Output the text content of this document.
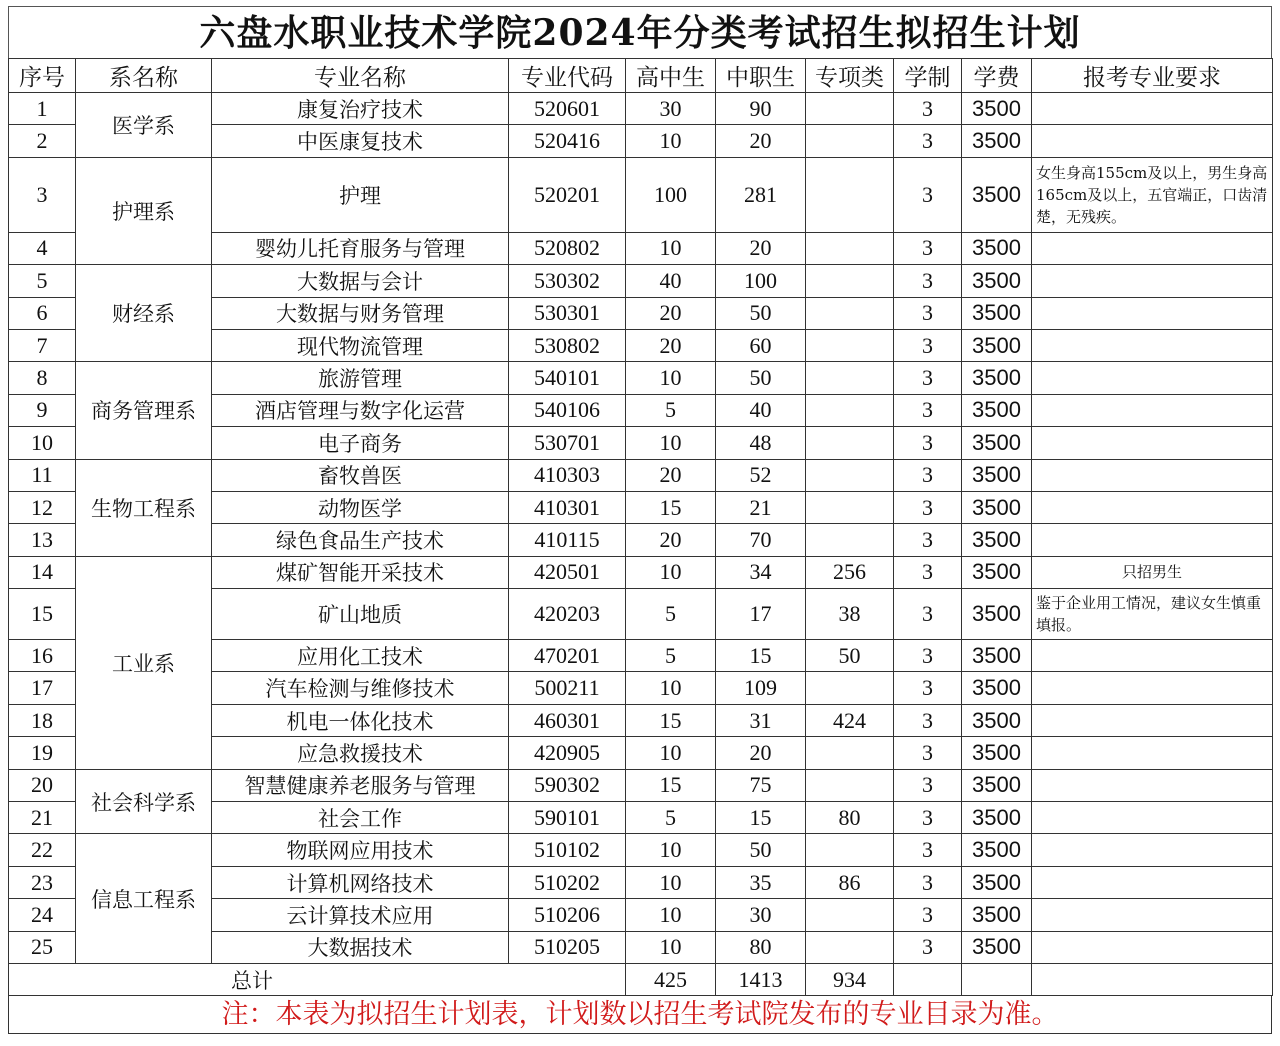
六盘水职业技术学院2024年分类考试招生拟招生计划
序号	系名称	专业名称	专业代码	高中生	中职生	专项类	学制	学费	报考专业要求
1	医学系	康复治疗技术	520601	30	90		3	3500	
2		中医康复技术	520416	10	20		3	3500	
3	护理系	护理	520201	100	281		3	3500	女生身高155cm及以上，男生身高165cm及以上，五官端正，口齿清楚，无残疾。
4		婴幼儿托育服务与管理	520802	10	20		3	3500	
5	财经系	大数据与会计	530302	40	100		3	3500	
6		大数据与财务管理	530301	20	50		3	3500	
7		现代物流管理	530802	20	60		3	3500	
8	商务管理系	旅游管理	540101	10	50		3	3500	
9		酒店管理与数字化运营	540106	5	40		3	3500	
10		电子商务	530701	10	48		3	3500	
11	生物工程系	畜牧兽医	410303	20	52		3	3500	
12		动物医学	410301	15	21		3	3500	
13		绿色食品生产技术	410115	20	70		3	3500	
14	工业系	煤矿智能开采技术	420501	10	34	256	3	3500	只招男生
15		矿山地质	420203	5	17	38	3	3500	鉴于企业用工情况，建议女生慎重填报。
16		应用化工技术	470201	5	15	50	3	3500	
17		汽车检测与维修技术	500211	10	109		3	3500	
18		机电一体化技术	460301	15	31	424	3	3500	
19		应急救援技术	420905	10	20		3	3500	
20	社会科学系	智慧健康养老服务与管理	590302	15	75		3	3500	
21		社会工作	590101	5	15	80	3	3500	
22	信息工程系	物联网应用技术	510102	10	50		3	3500	
23		计算机网络技术	510202	10	35	86	3	3500	
24		云计算技术应用	510206	10	30		3	3500	
25		大数据技术	510205	10	80		3	3500	
总计				425	1413	934			
注：本表为拟招生计划表，计划数以招生考试院发布的专业目录为准。
